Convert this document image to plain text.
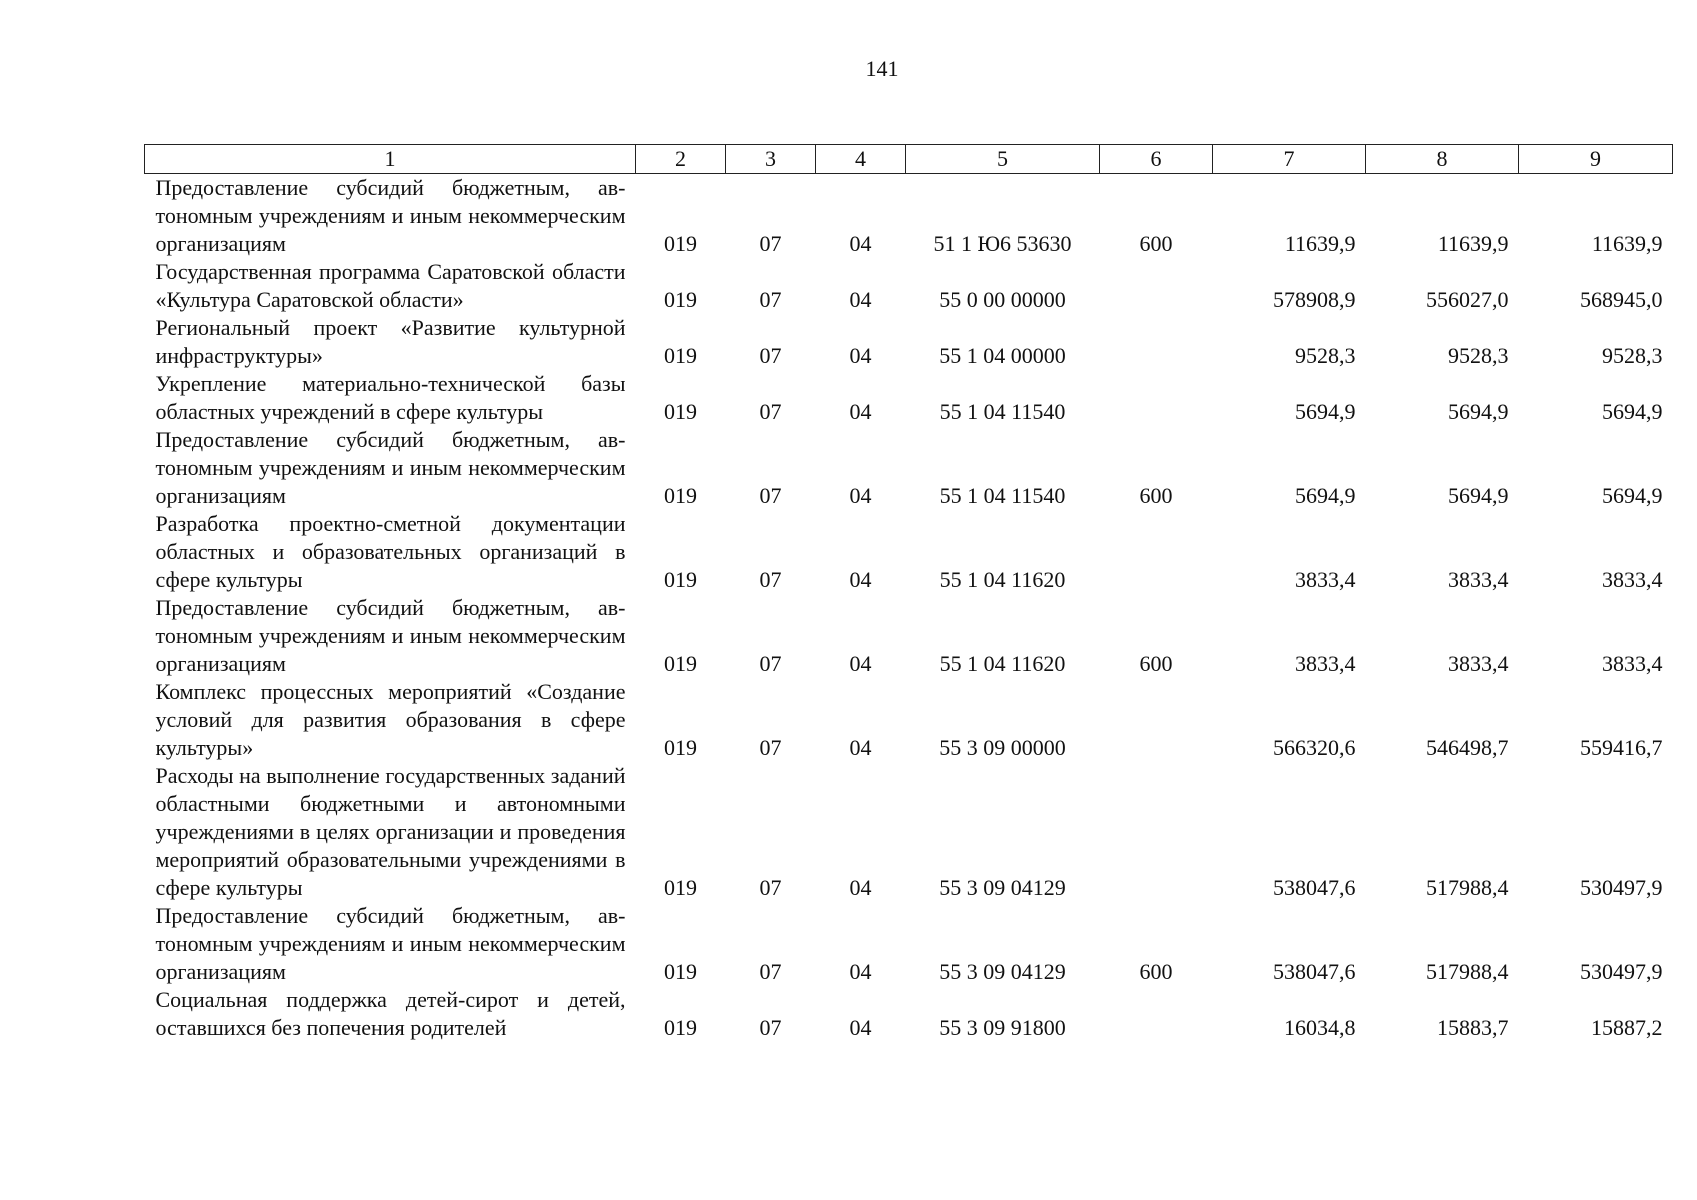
141
1	2	3	4	5	6	7	8	9

Предоставление субсидий бюджетным, автономным учреждениям и иным некоммерческим организациям	019	07	04	51 1 Ю6 53630	600	11639,9	11639,9	11639,9

Государственная программа Саратовской области «Культура Саратовской области»	019	07	04	55 0 00 00000		578908,9	556027,0	568945,0

Региональный проект «Развитие культурной инфраструктуры»	019	07	04	55 1 04 00000		9528,3	9528,3	9528,3

Укрепление материально-технической базы областных учреждений в сфере культуры	019	07	04	55 1 04 11540		5694,9	5694,9	5694,9

Предоставление субсидий бюджетным, автономным учреждениям и иным некоммерческим организациям	019	07	04	55 1 04 11540	600	5694,9	5694,9	5694,9

Разработка проектно-сметной документации областных и образовательных организаций в сфере культуры	019	07	04	55 1 04 11620		3833,4	3833,4	3833,4

Предоставление субсидий бюджетным, автономным учреждениям и иным некоммерческим организациям	019	07	04	55 1 04 11620	600	3833,4	3833,4	3833,4

Комплекс процессных мероприятий «Создание условий для развития образования в сфере культуры»	019	07	04	55 3 09 00000		566320,6	546498,7	559416,7

Расходы на выполнение государственных заданий областными бюджетными и автономными учреждениями в целях организации и проведения мероприятий образовательными учреждениями в сфере культуры	019	07	04	55 3 09 04129		538047,6	517988,4	530497,9

Предоставление субсидий бюджетным, автономным учреждениям и иным некоммерческим организациям	019	07	04	55 3 09 04129	600	538047,6	517988,4	530497,9

Социальная поддержка детей-сирот и детей, оставшихся без попечения родителей	019	07	04	55 3 09 91800		16034,8	15883,7	15887,2
